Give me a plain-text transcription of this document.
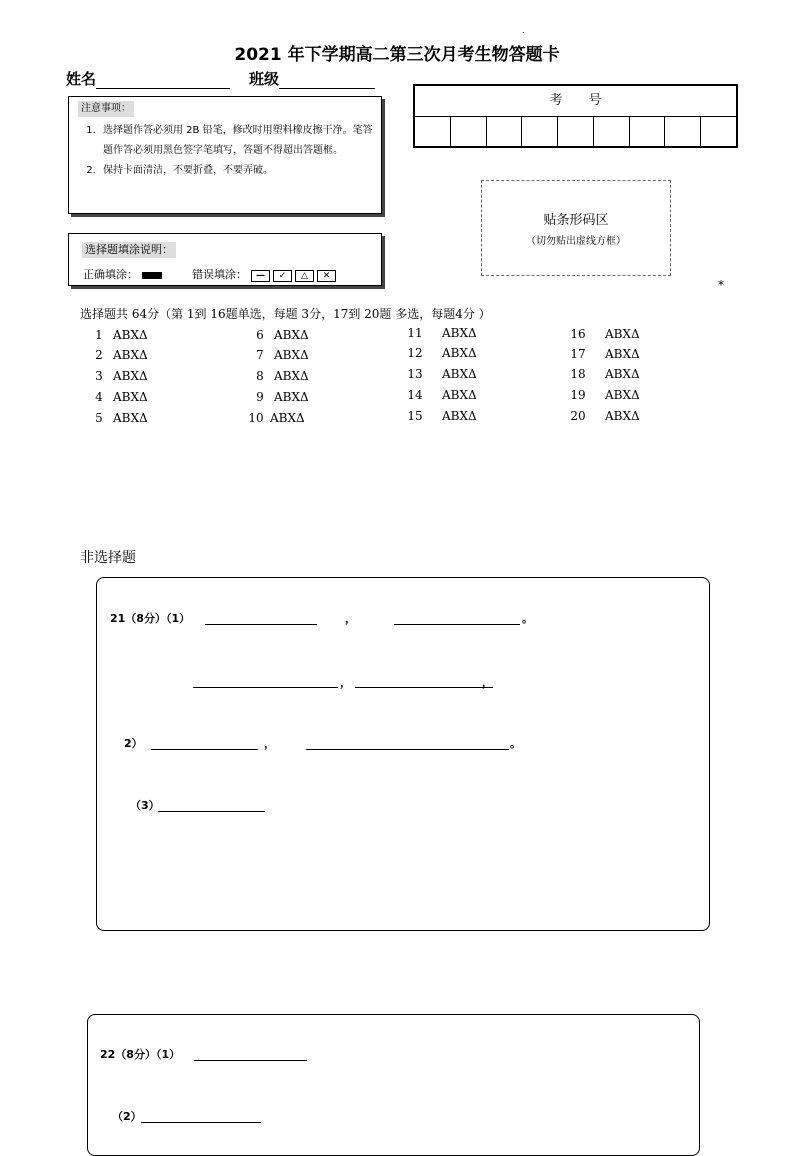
.
2021 年下学期高二第三次月考生物答题卡
姓名	班级
注意事项：
1. 选择题作答必须用 2B 铅笔，修改时用塑料橡皮擦干净。笔答题作答必须用黑色签字笔填写，答题不得超出答题框。
2. 保持卡面清洁，不要折叠，不要弄破。
选择题填涂说明：
正确填涂：	错误填涂： — ✓ △ ✕
考　　号
贴条形码区
（切勿贴出虚线方框）
*
选择题共 64分（第 1到 16题单选，每题 3分，17到 20题 多选，每题4分 ）
1 ABXΔ
2 ABXΔ
3 ABXΔ
4 ABXΔ
5 ABXΔ
6 ABXΔ
7 ABXΔ
8 ABXΔ
9 ABXΔ
10 ABXΔ
11 ABXΔ
12 ABXΔ
13 ABXΔ
14 ABXΔ
15 ABXΔ
16 ABXΔ
17 ABXΔ
18 ABXΔ
19 ABXΔ
20 ABXΔ
非选择题
21（8分）（1）	，	。
，	，
2）	，	。
（3）
22（8分）（1）
（2）
